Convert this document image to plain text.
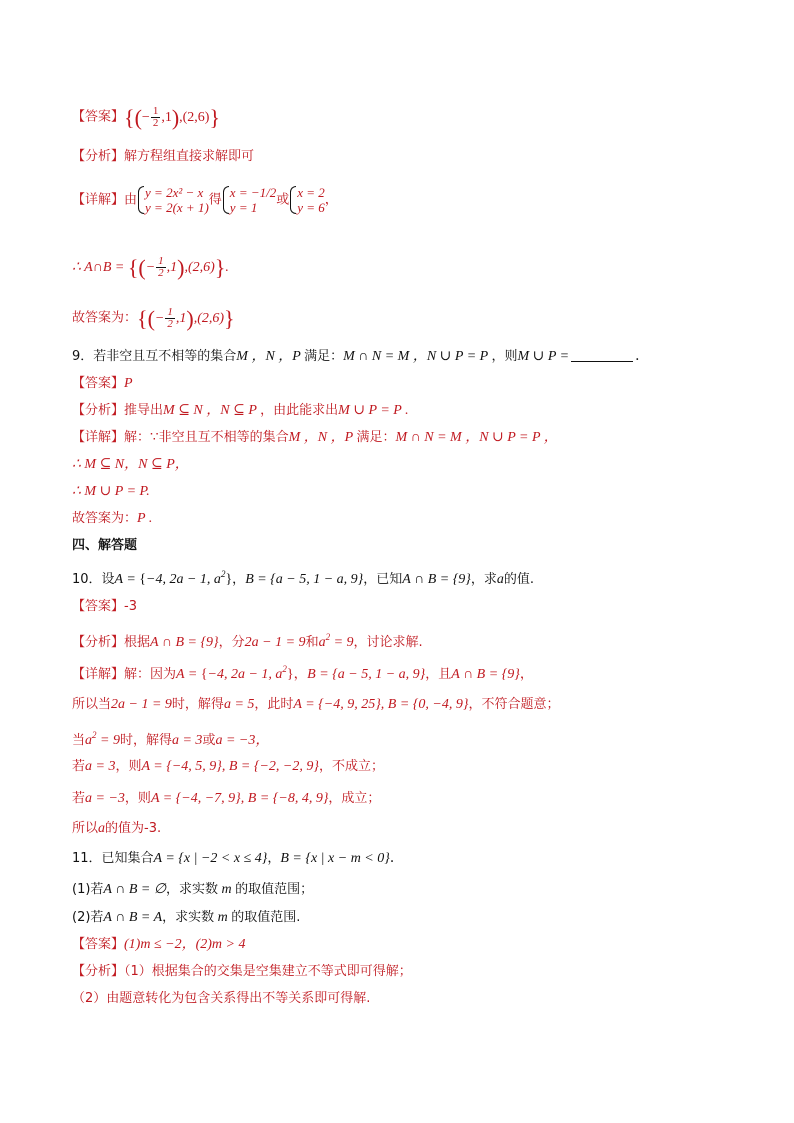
【答案】{(− $\frac{1}{2} ,1),(2,6)$}
【分析】解方程组直接求解即可
【详解】由 y = 2x² − x
y = 2(x + 1) 得 x = −1/2
y = 1	或 x = 2
y = 6 ，
∴ A∩B = {(− $\frac{1}{2} ,1),(2,6)$}.
故答案为：{(− $\frac{1}{2} ,1),(2,6)$}
9．若非空且互不相等的集合M ，N ，P 满足：M ∩ N = M ，N ∪ P = P ，则M ∪ P =	.
【答案】P
【分析】推导出M ⊆ N ，N ⊆ P ，由此能求出M ∪ P = P .
【详解】解：∵非空且互不相等的集合M ，N ，P 满足：M ∩ N = M ，N ∪ P = P ，
∴ M ⊆ N，N ⊆ P，
∴ M ∪ P = P.
故答案为：P .
四、解答题
10．设A = {−4, 2a − 1, $a^2$}，B = {a − 5, 1 − a, 9}，已知A ∩ B = {9}，求a的值.
【答案】-3
【分析】根据A ∩ B = {9}，分2a − 1 = 9和$a^2 = 9$，讨论求解.
【详解】解：因为A = {−4, 2a − 1, $a^2$}，B = {a − 5, 1 − a, 9}，且A ∩ B = {9}，
所以当2a − 1 = 9时，解得a = 5，此时A = {−4, 9, 25}, B = {0, −4, 9}，不符合题意；
当$a^2 = 9$时，解得a = 3或a = −3，
若a = 3，则A = {−4, 5, 9}, B = {−2, −2, 9}，不成立；
若a = −3，则A = {−4, −7, 9}, B = {−8, 4, 9}，成立；
所以a的值为-3.
11．已知集合A = {x | −2 < x ≤ 4}，B = {x | x − m < 0}.
(1)若A ∩ B = ∅，求实数 m 的取值范围；
(2)若A ∩ B = A，求实数 m 的取值范围.
【答案】(1)m ≤ −2，(2)m > 4
【分析】（1）根据集合的交集是空集建立不等式即可得解；
（2）由题意转化为包含关系得出不等关系即可得解.
